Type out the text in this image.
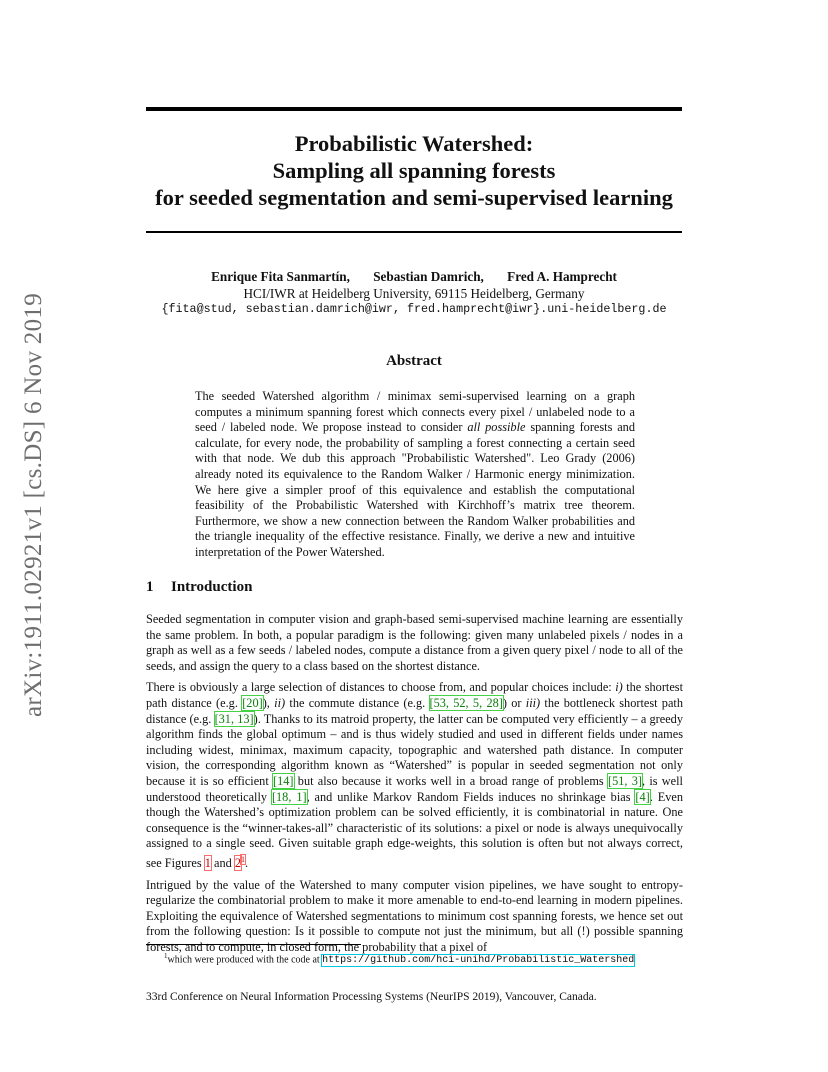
arXiv:1911.02921v1 [cs.DS] 6 Nov 2019
Probabilistic Watershed:
Sampling all spanning forests
for seeded segmentation and semi-supervised learning
Enrique Fita Sanmartín, Sebastian Damrich, Fred A. Hamprecht
HCI/IWR at Heidelberg University, 69115 Heidelberg, Germany
{fita@stud, sebastian.damrich@iwr, fred.hamprecht@iwr}.uni-heidelberg.de
Abstract
The seeded Watershed algorithm / minimax semi-supervised learning on a graph computes a minimum spanning forest which connects every pixel / unlabeled node to a seed / labeled node. We propose instead to consider all possible spanning forests and calculate, for every node, the probability of sampling a forest connecting a certain seed with that node. We dub this approach "Probabilistic Watershed". Leo Grady (2006) already noted its equivalence to the Random Walker / Harmonic energy minimization. We here give a simpler proof of this equivalence and establish the computational feasibility of the Probabilistic Watershed with Kirchhoff’s matrix tree theorem. Furthermore, we show a new connection between the Random Walker probabilities and the triangle inequality of the effective resistance. Finally, we derive a new and intuitive interpretation of the Power Watershed.
1 Introduction

Seeded segmentation in computer vision and graph-based semi-supervised machine learning are essentially the same problem. In both, a popular paradigm is the following: given many unlabeled pixels / nodes in a graph as well as a few seeds / labeled nodes, compute a distance from a given query pixel / node to all of the seeds, and assign the query to a class based on the shortest distance.

There is obviously a large selection of distances to choose from, and popular choices include: i) the shortest path distance (e.g. [20]), ii) the commute distance (e.g. [53, 52, 5, 28]) or iii) the bottleneck shortest path distance (e.g. [31, 13]). Thanks to its matroid property, the latter can be computed very efficiently – a greedy algorithm finds the global optimum – and is thus widely studied and used in different fields under names including widest, minimax, maximum capacity, topographic and watershed path distance. In computer vision, the corresponding algorithm known as “Watershed” is popular in seeded segmentation not only because it is so efficient [14] but also because it works well in a broad range of problems [51, 3], is well understood theoretically [18, 1], and unlike Markov Random Fields induces no shrinkage bias [4]. Even though the Watershed’s optimization problem can be solved efficiently, it is combinatorial in nature. One consequence is the “winner-takes-all” characteristic of its solutions: a pixel or node is always unequivocally assigned to a single seed. Given suitable graph edge-weights, this solution is often but not always correct, see Figures 1 and 2$^1$.

Intrigued by the value of the Watershed to many computer vision pipelines, we have sought to entropy-regularize the combinatorial problem to make it more amenable to end-to-end learning in modern pipelines. Exploiting the equivalence of Watershed segmentations to minimum cost spanning forests, we hence set out from the following question: Is it possible to compute not just the minimum, but all (!) possible spanning forests, and to compute, in closed form, the probability that a pixel of

$^1$which were produced with the code at https://github.com/hci-unihd/Probabilistic_Watershed
33rd Conference on Neural Information Processing Systems (NeurIPS 2019), Vancouver, Canada.
